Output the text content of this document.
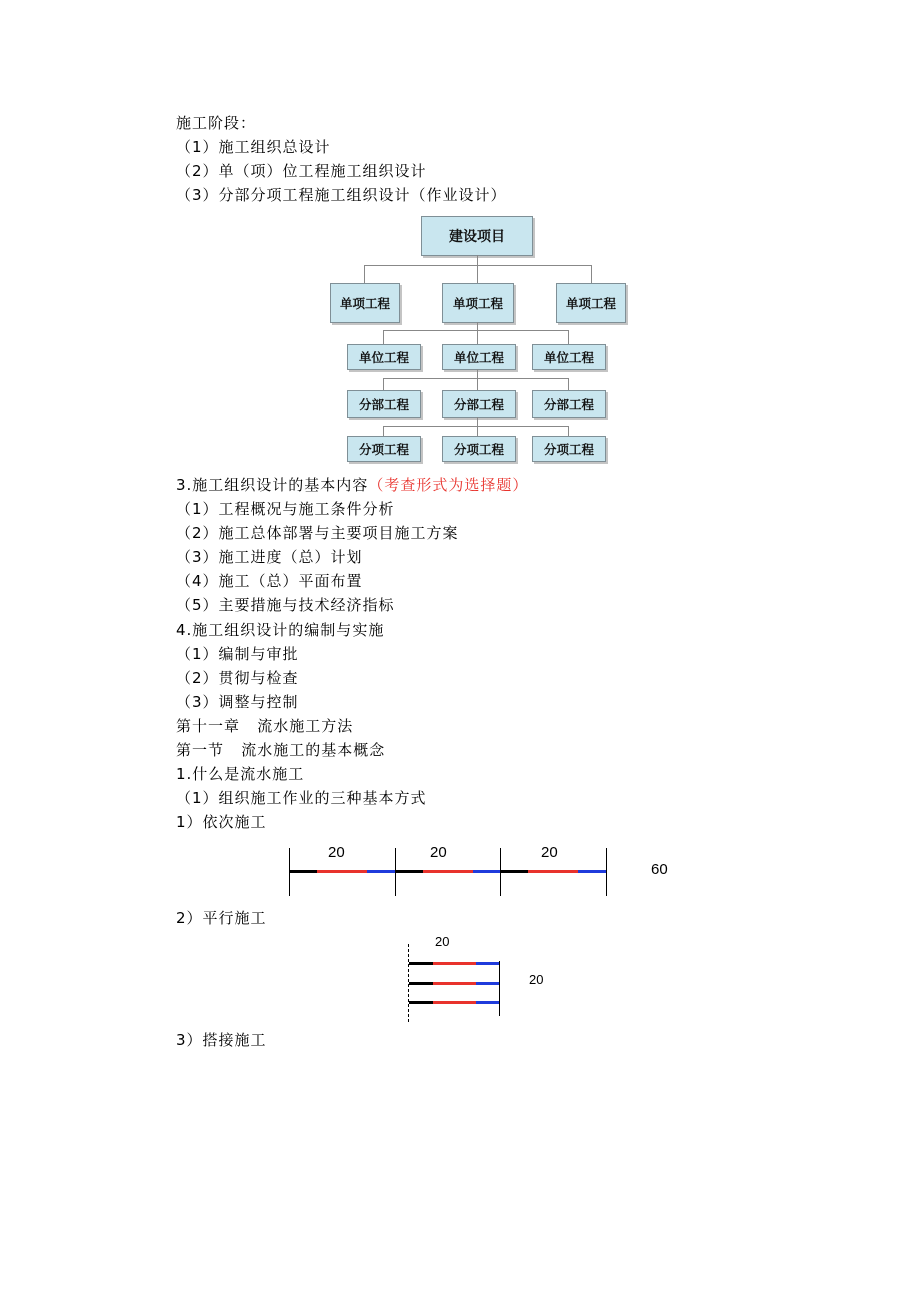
施工阶段：
（1）施工组织总设计
（2）单（项）位工程施工组织设计
（3）分部分项工程施工组织设计（作业设计）
建设项目
单项工程	单项工程	单项工程
单位工程	单位工程	单位工程
分部工程	分部工程	分部工程
分项工程	分项工程	分项工程
3.施工组织设计的基本内容（考查形式为选择题）
（1）工程概况与施工条件分析
（2）施工总体部署与主要项目施工方案
（3）施工进度（总）计划
（4）施工（总）平面布置
（5）主要措施与技术经济指标
4.施工组织设计的编制与实施
（1）编制与审批
（2）贯彻与检查
（3）调整与控制
第十一章   流水施工方法
第一节   流水施工的基本概念
1.什么是流水施工
（1）组织施工作业的三种基本方式
1）依次施工
20	20	20
60
2）平行施工
20
20
3）搭接施工
